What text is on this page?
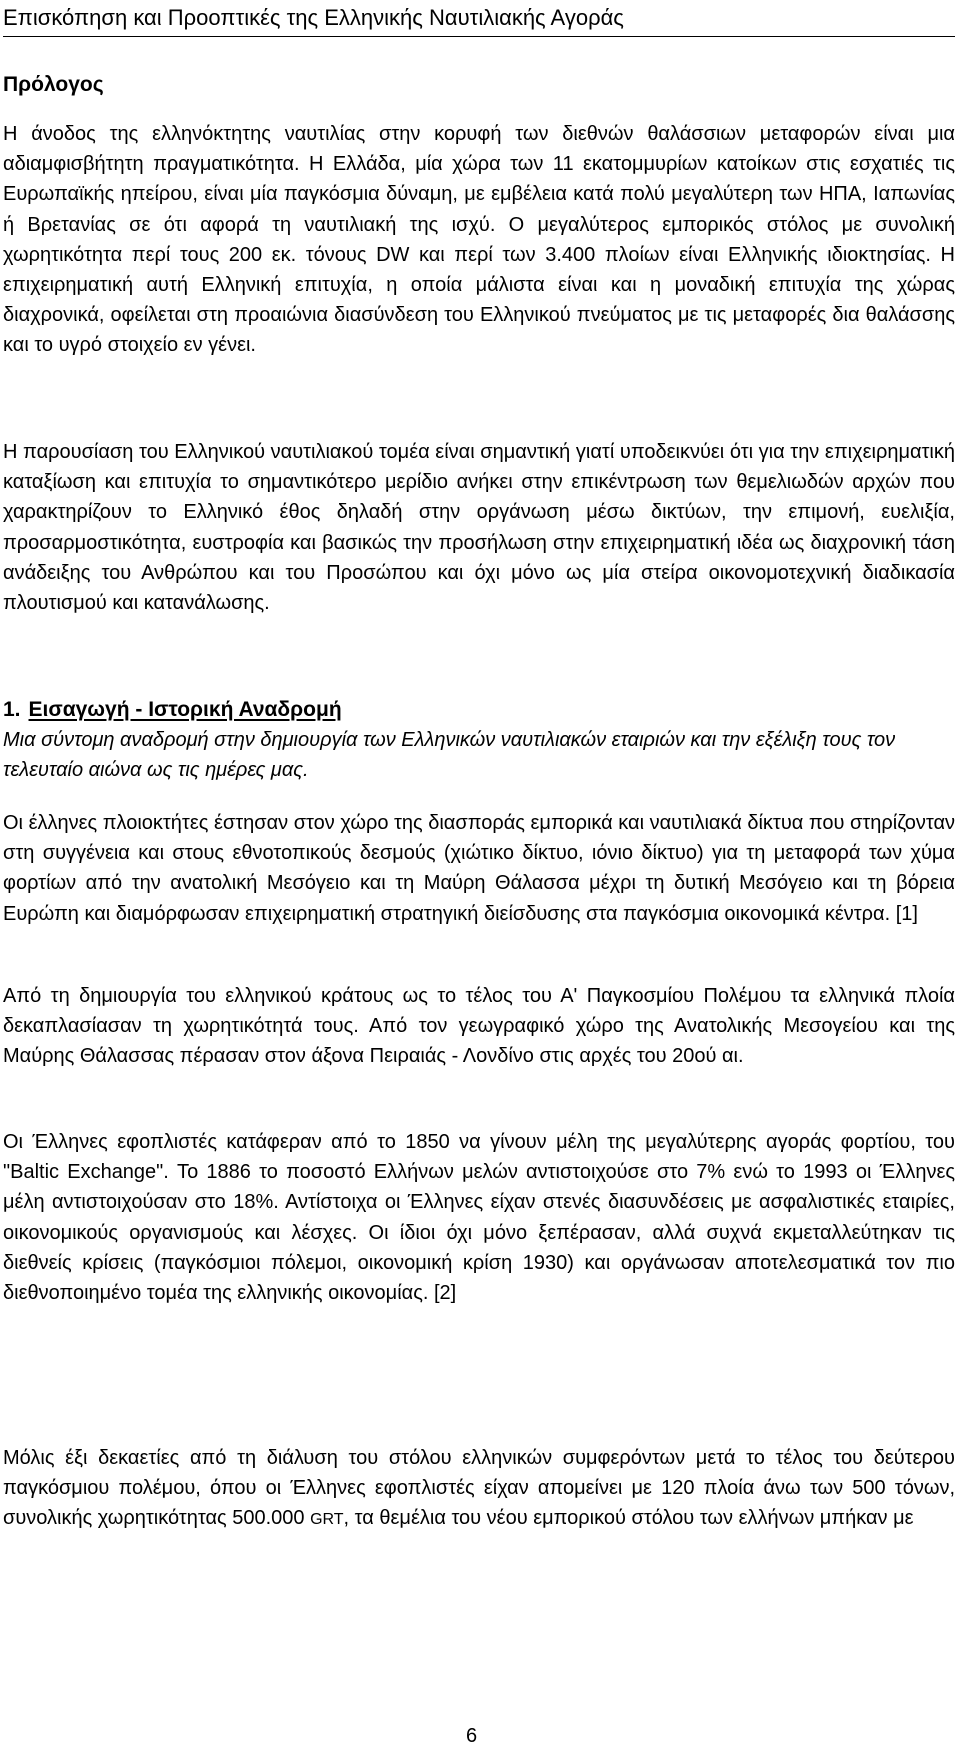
Επισκόπηση και Προοπτικές της Ελληνικής Ναυτιλιακής Αγοράς
Πρόλογος

Η άνοδος της ελληνόκτητης ναυτιλίας στην κορυφή των διεθνών θαλάσσιων μεταφορών είναι μια αδιαμφισβήτητη πραγματικότητα. Η Ελλάδα, μία χώρα των 11 εκατομμυρίων κατοίκων στις εσχατιές τις Ευρωπαϊκής ηπείρου, είναι μία παγκόσμια δύναμη, με εμβέλεια κατά πολύ μεγαλύτερη των ΗΠΑ, Ιαπωνίας ή Βρετανίας σε ότι αφορά τη ναυτιλιακή της ισχύ. Ο μεγαλύτερος εμπορικός στόλος με συνολική χωρητικότητα περί τους 200 εκ. τόνους DW και περί των 3.400 πλοίων είναι Ελληνικής ιδιοκτησίας. Η επιχειρηματική αυτή Ελληνική επιτυχία, η οποία μάλιστα είναι και η μοναδική επιτυχία της χώρας διαχρονικά, οφείλεται στη προαιώνια διασύνδεση του Ελληνικού πνεύματος με τις μεταφορές δια θαλάσσης και το υγρό στοιχείο εν γένει.

Η παρουσίαση του Ελληνικού ναυτιλιακού τομέα είναι σημαντική γιατί υποδεικνύει ότι για την επιχειρηματική καταξίωση και επιτυχία το σημαντικότερο μερίδιο ανήκει στην επικέντρωση των θεμελιωδών αρχών που χαρακτηρίζουν το Ελληνικό έθος δηλαδή στην οργάνωση μέσω δικτύων, την επιμονή, ευελιξία, προσαρμοστικότητα, ευστροφία και βασικώς την προσήλωση στην επιχειρηματική ιδέα ως διαχρονική τάση ανάδειξης του Ανθρώπου και του Προσώπου και όχι μόνο ως μία στείρα οικονομοτεχνική διαδικασία πλουτισμού και κατανάλωσης.

1. Εισαγωγή - Ιστορική Αναδρομή

Μια σύντομη αναδρομή στην δημιουργία των Ελληνικών ναυτιλιακών εταιριών και την εξέλιξη τους τον τελευταίο αιώνα ως τις ημέρες μας.

Οι έλληνες πλοιοκτήτες έστησαν στον χώρο της διασποράς εμπορικά και ναυτιλιακά δίκτυα που στηρίζονταν στη συγγένεια και στους εθνοτοπικούς δεσμούς (χιώτικο δίκτυο, ιόνιο δίκτυο) για τη μεταφορά των χύμα φορτίων από την ανατολική Μεσόγειο και τη Μαύρη Θάλασσα μέχρι τη δυτική Μεσόγειο και τη βόρεια Ευρώπη και διαμόρφωσαν επιχειρηματική στρατηγική διείσδυσης στα παγκόσμια οικονομικά κέντρα. [1]

Από τη δημιουργία του ελληνικού κράτους ως το τέλος του Α' Παγκοσμίου Πολέμου τα ελληνικά πλοία δεκαπλασίασαν τη χωρητικότητά τους. Από τον γεωγραφικό χώρο της Ανατολικής Μεσογείου και της Μαύρης Θάλασσας πέρασαν στον άξονα Πειραιάς - Λονδίνο στις αρχές του 20ού αι.

Οι Έλληνες εφοπλιστές κατάφεραν από το 1850 να γίνουν μέλη της μεγαλύτερης αγοράς φορτίου, του "Baltic Exchange". Το 1886 το ποσοστό Ελλήνων μελών αντιστοιχούσε στο 7% ενώ το 1993 οι Έλληνες μέλη αντιστοιχούσαν στο 18%. Αντίστοιχα οι Έλληνες είχαν στενές διασυνδέσεις με ασφαλιστικές εταιρίες, οικονομικούς οργανισμούς και λέσχες. Οι ίδιοι όχι μόνο ξεπέρασαν, αλλά συχνά εκμεταλλεύτηκαν τις διεθνείς κρίσεις (παγκόσμιοι πόλεμοι, οικονομική κρίση 1930) και οργάνωσαν αποτελεσματικά τον πιο διεθνοποιημένο τομέα της ελληνικής οικονομίας. [2]

Μόλις έξι δεκαετίες από τη διάλυση του στόλου ελληνικών συμφερόντων μετά το τέλος του δεύτερου παγκόσμιου πολέμου, όπου οι Έλληνες εφοπλιστές είχαν απομείνει με 120 πλοία άνω των 500 τόνων, συνολικής χωρητικότητας 500.000 GRT, τα θεμέλια του νέου εμπορικού στόλου των ελλήνων μπήκαν με

6
